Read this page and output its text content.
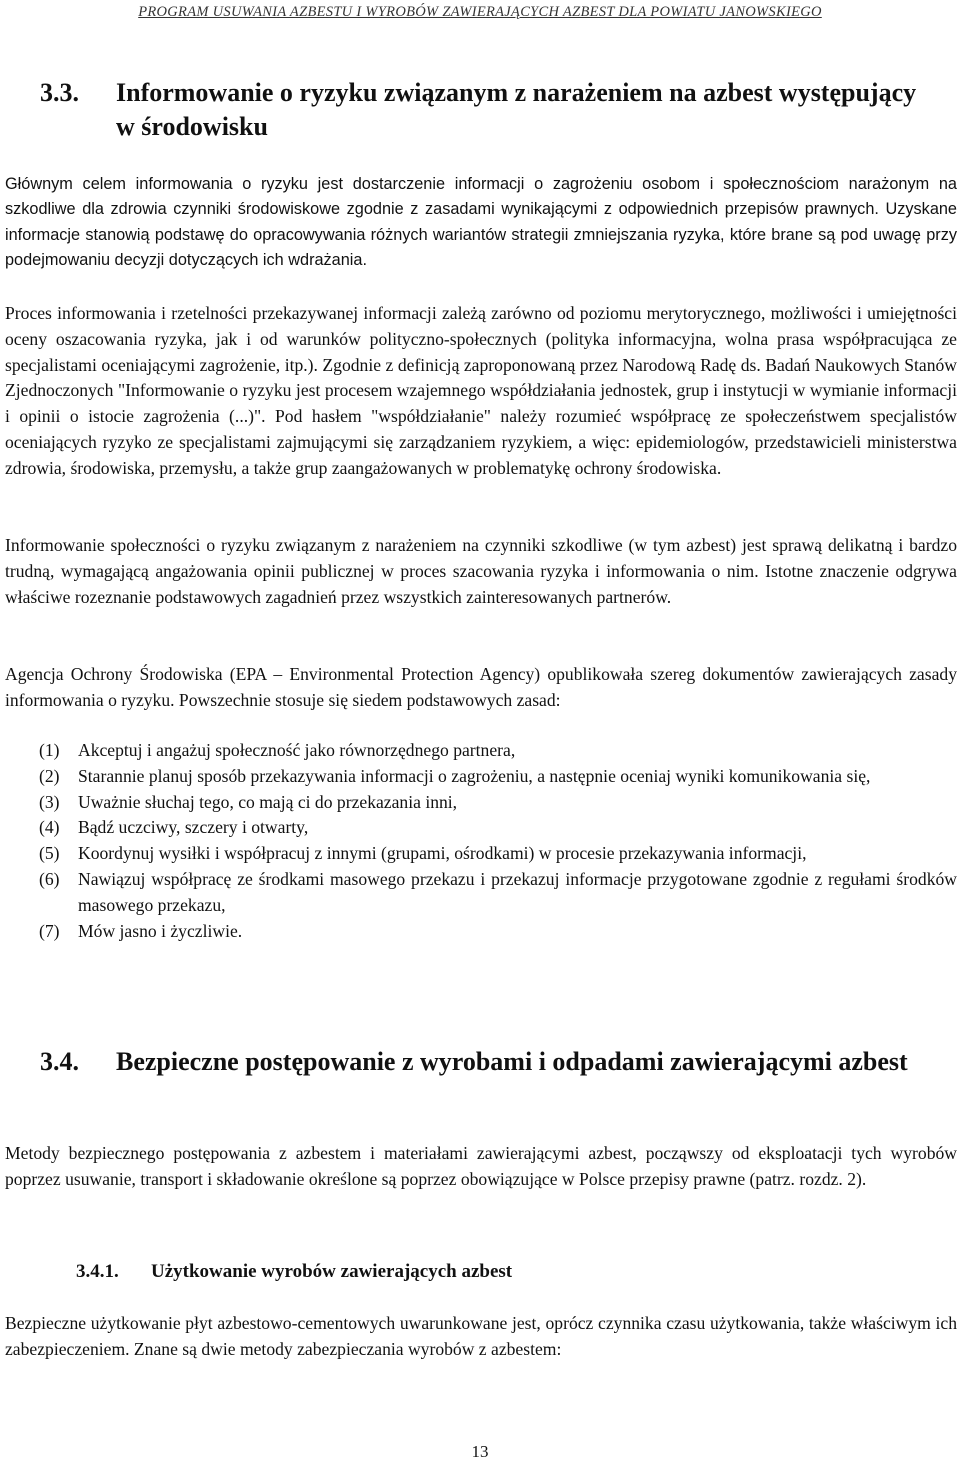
PROGRAM USUWANIA AZBESTU I WYROBÓW ZAWIERAJĄCYCH AZBEST DLA POWIATU JANOWSKIEGO
3.3. Informowanie o ryzyku związanym z narażeniem na azbest występujący w środowisku

Głównym celem informowania o ryzyku jest dostarczenie informacji o zagrożeniu osobom i społecznościom narażonym na szkodliwe dla zdrowia czynniki środowiskowe zgodnie z zasadami wynikającymi z odpowiednich przepisów prawnych. Uzyskane informacje stanowią podstawę do opracowywania różnych wariantów strategii zmniejszania ryzyka, które brane są pod uwagę przy podejmowaniu decyzji dotyczących ich wdrażania.

Proces informowania i rzetelności przekazywanej informacji zależą zarówno od poziomu merytorycznego, możliwości i umiejętności oceny oszacowania ryzyka, jak i od warunków polityczno-społecznych (polityka informacyjna, wolna prasa współpracująca ze specjalistami oceniającymi zagrożenie, itp.). Zgodnie z definicją zaproponowaną przez Narodową Radę ds. Badań Naukowych Stanów Zjednoczonych "Informowanie o ryzyku jest procesem wzajemnego współdziałania jednostek, grup i instytucji w wymianie informacji i opinii o istocie zagrożenia (...)". Pod hasłem "współdziałanie" należy rozumieć współpracę ze społeczeństwem specjalistów oceniających ryzyko ze specjalistami zajmującymi się zarządzaniem ryzykiem, a więc: epidemiologów, przedstawicieli ministerstwa zdrowia, środowiska, przemysłu, a także grup zaangażowanych w problematykę ochrony środowiska.

Informowanie społeczności o ryzyku związanym z narażeniem na czynniki szkodliwe (w tym azbest) jest sprawą delikatną i bardzo trudną, wymagającą angażowania opinii publicznej w proces szacowania ryzyka i informowania o nim. Istotne znaczenie odgrywa właściwe rozeznanie podstawowych zagadnień przez wszystkich zainteresowanych partnerów.

Agencja Ochrony Środowiska (EPA – Environmental Protection Agency) opublikowała szereg dokumentów zawierających zasady informowania o ryzyku. Powszechnie stosuje się siedem podstawowych zasad:

(1) Akceptuj i angażuj społeczność jako równorzędnego partnera,
(2) Starannie planuj sposób przekazywania informacji o zagrożeniu, a następnie oceniaj wyniki komunikowania się,
(3) Uważnie słuchaj tego, co mają ci do przekazania inni,
(4) Bądź uczciwy, szczery i otwarty,
(5) Koordynuj wysiłki i współpracuj z innymi (grupami, ośrodkami) w procesie przekazywania informacji,
(6) Nawiązuj współpracę ze środkami masowego przekazu i przekazuj informacje przygotowane zgodnie z regułami środków masowego przekazu,
(7) Mów jasno i życzliwie.
3.4. Bezpieczne postępowanie z wyrobami i odpadami zawierającymi azbest

Metody bezpiecznego postępowania z azbestem i materiałami zawierającymi azbest, począwszy od eksploatacji tych wyrobów poprzez usuwanie, transport i składowanie określone są poprzez obowiązujące w Polsce przepisy prawne (patrz. rozdz. 2).

3.4.1. Użytkowanie wyrobów zawierających azbest

Bezpieczne użytkowanie płyt azbestowo-cementowych uwarunkowane jest, oprócz czynnika czasu użytkowania, także właściwym ich zabezpieczeniem. Znane są dwie metody zabezpieczania wyrobów z azbestem:

13
